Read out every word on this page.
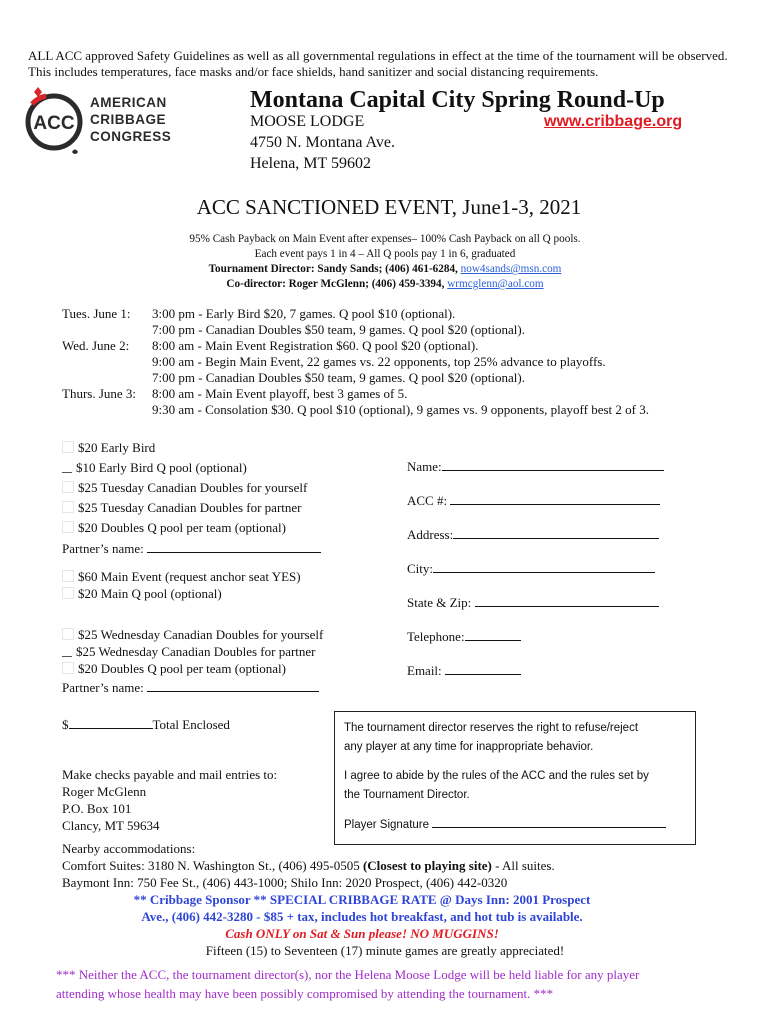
ALL ACC approved Safety Guidelines as well as all governmental regulations in effect at the time of the tournament will be observed. This includes temperatures, face masks and/or face shields, hand sanitizer and social distancing requirements.
ACC
AMERICAN
CRIBBAGE
CONGRESS
Montana Capital City Spring Round-Up
MOOSE LODGE
4750 N. Montana Ave.
Helena, MT 59602
www.cribbage.org
ACC SANCTIONED EVENT, June1-3, 2021
95% Cash Payback on Main Event after expenses– 100% Cash Payback on all Q pools.
Each event pays 1 in 4 – All Q pools pay 1 in 6, graduated
Tournament Director: Sandy Sands; (406) 461-6284, now4sands@msn.com
Co-director: Roger McGlenn; (406) 459-3394, wrmcglenn@aol.com
Tues. June 1: 3:00 pm - Early Bird $20, 7 games. Q pool $10 (optional).
7:00 pm - Canadian Doubles $50 team, 9 games. Q pool $20 (optional).
Wed. June 2: 8:00 am - Main Event Registration $60. Q pool $20 (optional).
9:00 am - Begin Main Event, 22 games vs. 22 opponents, top 25% advance to playoffs.
7:00 pm - Canadian Doubles $50 team, 9 games. Q pool $20 (optional).
Thurs. June 3: 8:00 am - Main Event playoff, best 3 games of 5.
9:30 am - Consolation $30. Q pool $10 (optional), 9 games vs. 9 opponents, playoff best 2 of 3.
$20 Early Bird
$10 Early Bird Q pool (optional)
$25 Tuesday Canadian Doubles for yourself
$25 Tuesday Canadian Doubles for partner
$20 Doubles Q pool per team (optional)
Partner’s name:
$60 Main Event (request anchor seat YES)
$20 Main Q pool (optional)
$25 Wednesday Canadian Doubles for yourself
$25 Wednesday Canadian Doubles for partner
$20 Doubles Q pool per team (optional)
Partner’s name:
$	Total Enclosed
Name:
ACC #:
Address:
City:
State & Zip:
Telephone:
Email:
The tournament director reserves the right to refuse/reject
any player at any time for inappropriate behavior.
I agree to abide by the rules of the ACC and the rules set by
the Tournament Director.
Player Signature
Make checks payable and mail entries to:
Roger McGlenn
P.O. Box 101
Clancy, MT 59634
Nearby accommodations:
Comfort Suites: 3180 N. Washington St., (406) 495-0505 (Closest to playing site) - All suites.
Baymont Inn: 750 Fee St., (406) 443-1000; Shilo Inn: 2020 Prospect, (406) 442-0320
** Cribbage Sponsor ** SPECIAL CRIBBAGE RATE @ Days Inn: 2001 Prospect
Ave., (406) 442-3280 - $85 + tax, includes hot breakfast, and hot tub is available.
Cash ONLY on Sat & Sun please! NO MUGGINS!
Fifteen (15) to Seventeen (17) minute games are greatly appreciated!
*** Neither the ACC, the tournament director(s), nor the Helena Moose Lodge will be held liable for any player
attending whose health may have been possibly compromised by attending the tournament. ***
